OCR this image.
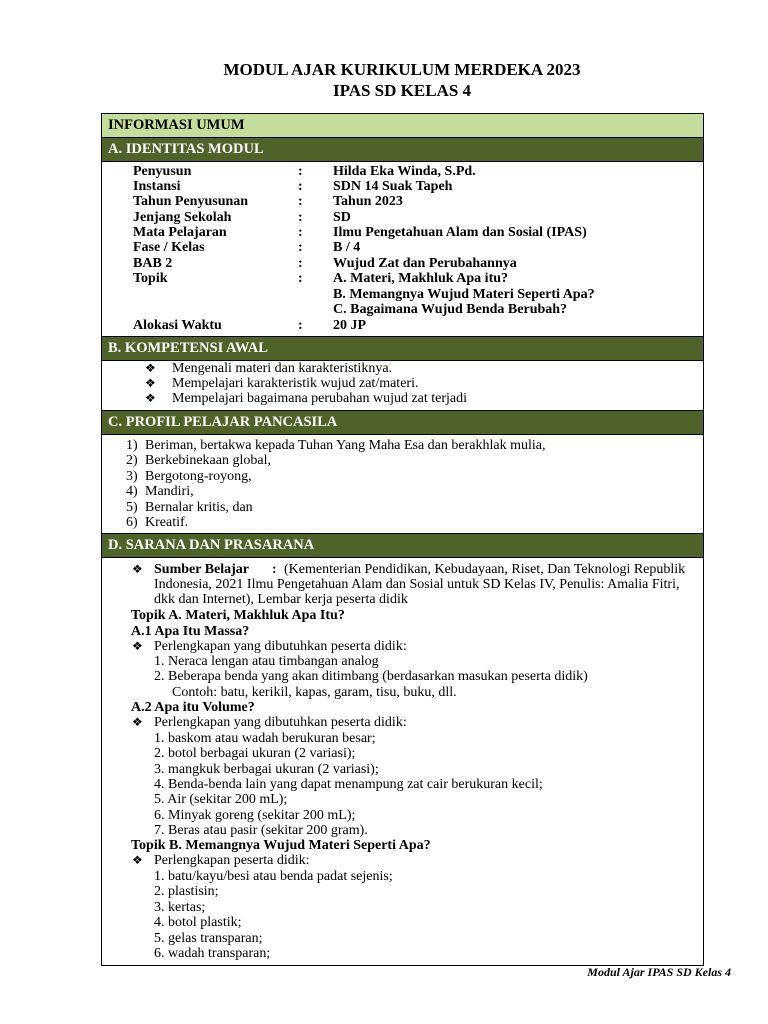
MODUL AJAR KURIKULUM MERDEKA 2023
IPAS SD KELAS 4
INFORMASI UMUM
A. IDENTITAS MODUL
Penyusun	: Hilda Eka Winda, S.Pd.
Instansi	: SDN 14 Suak Tapeh
Tahun Penyusunan	: Tahun 2023
Jenjang Sekolah	: SD
Mata Pelajaran	: Ilmu Pengetahuan Alam dan Sosial (IPAS)
Fase / Kelas	: B / 4
BAB 2	: Wujud Zat dan Perubahannya
Topik	: A. Materi, Makhluk Apa itu?
B. Memangnya Wujud Materi Seperti Apa?
C. Bagaimana Wujud Benda Berubah?
Alokasi Waktu	: 20 JP
B. KOMPETENSI AWAL
❖ Mengenali materi dan karakteristiknya.
❖ Mempelajari karakteristik wujud zat/materi.
❖ Mempelajari bagaimana perubahan wujud zat terjadi
C. PROFIL PELAJAR PANCASILA
1) Beriman, bertakwa kepada Tuhan Yang Maha Esa dan berakhlak mulia,
2) Berkebinekaan global,
3) Bergotong-royong,
4) Mandiri,
5) Bernalar kritis, dan
6) Kreatif.
D. SARANA DAN PRASARANA
❖ Sumber Belajar : (Kementerian Pendidikan, Kebudayaan, Riset, Dan Teknologi Republik
Indonesia, 2021 Ilmu Pengetahuan Alam dan Sosial untuk SD Kelas IV, Penulis: Amalia Fitri,
dkk dan Internet), Lembar kerja peserta didik
Topik A. Materi, Makhluk Apa Itu?
A.1 Apa Itu Massa?
❖ Perlengkapan yang dibutuhkan peserta didik:
1. Neraca lengan atau timbangan analog
2. Beberapa benda yang akan ditimbang (berdasarkan masukan peserta didik)
Contoh: batu, kerikil, kapas, garam, tisu, buku, dll.
A.2 Apa itu Volume?
❖ Perlengkapan yang dibutuhkan peserta didik:
1. baskom atau wadah berukuran besar;
2. botol berbagai ukuran (2 variasi);
3. mangkuk berbagai ukuran (2 variasi);
4. Benda-benda lain yang dapat menampung zat cair berukuran kecil;
5. Air (sekitar 200 mL);
6. Minyak goreng (sekitar 200 mL);
7. Beras atau pasir (sekitar 200 gram).
Topik B. Memangnya Wujud Materi Seperti Apa?
❖ Perlengkapan peserta didik:
1. batu/kayu/besi atau benda padat sejenis;
2. plastisin;
3. kertas;
4. botol plastik;
5. gelas transparan;
6. wadah transparan;
Modul Ajar IPAS SD Kelas 4
